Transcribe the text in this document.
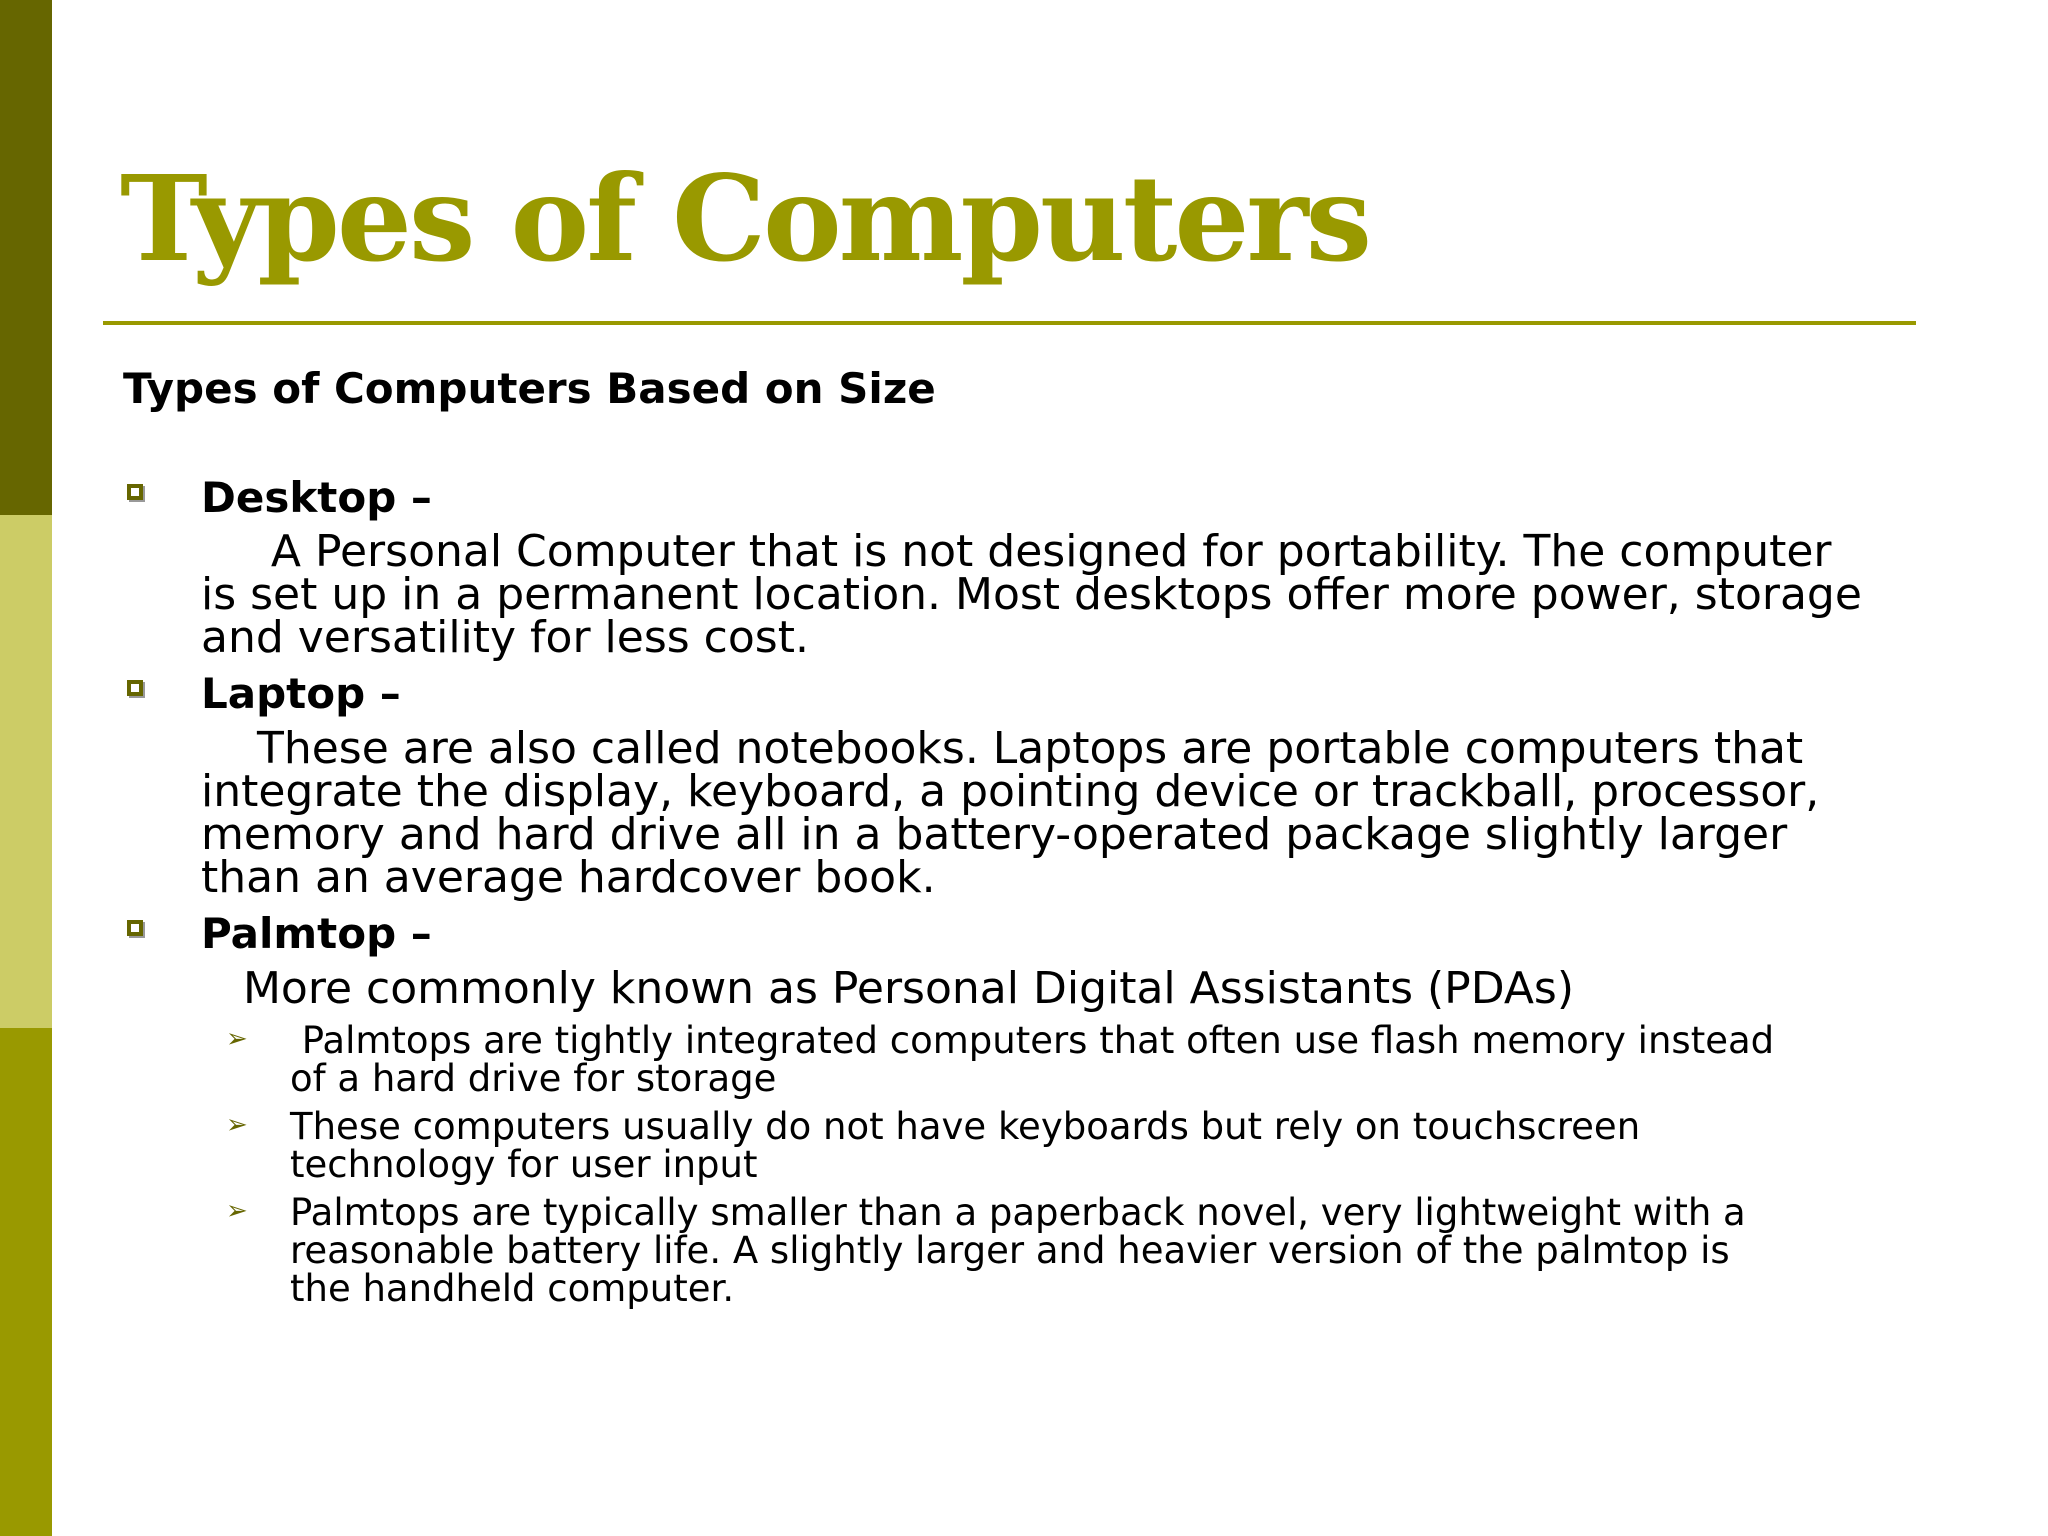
Types of Computers
Types of Computers Based on Size
Desktop –
A Personal Computer that is not designed for portability. The computer
is set up in a permanent location. Most desktops offer more power, storage
and versatility for less cost.
Laptop –
These are also called notebooks. Laptops are portable computers that
integrate the display, keyboard, a pointing device or trackball, processor,
memory and hard drive all in a battery-operated package slightly larger
than an average hardcover book.
Palmtop –
More commonly known as Personal Digital Assistants (PDAs)
➢ Palmtops are tightly integrated computers that often use flash memory instead
of a hard drive for storage
➢ These computers usually do not have keyboards but rely on touchscreen
technology for user input
➢ Palmtops are typically smaller than a paperback novel, very lightweight with a
reasonable battery life. A slightly larger and heavier version of the palmtop is
the handheld computer.
